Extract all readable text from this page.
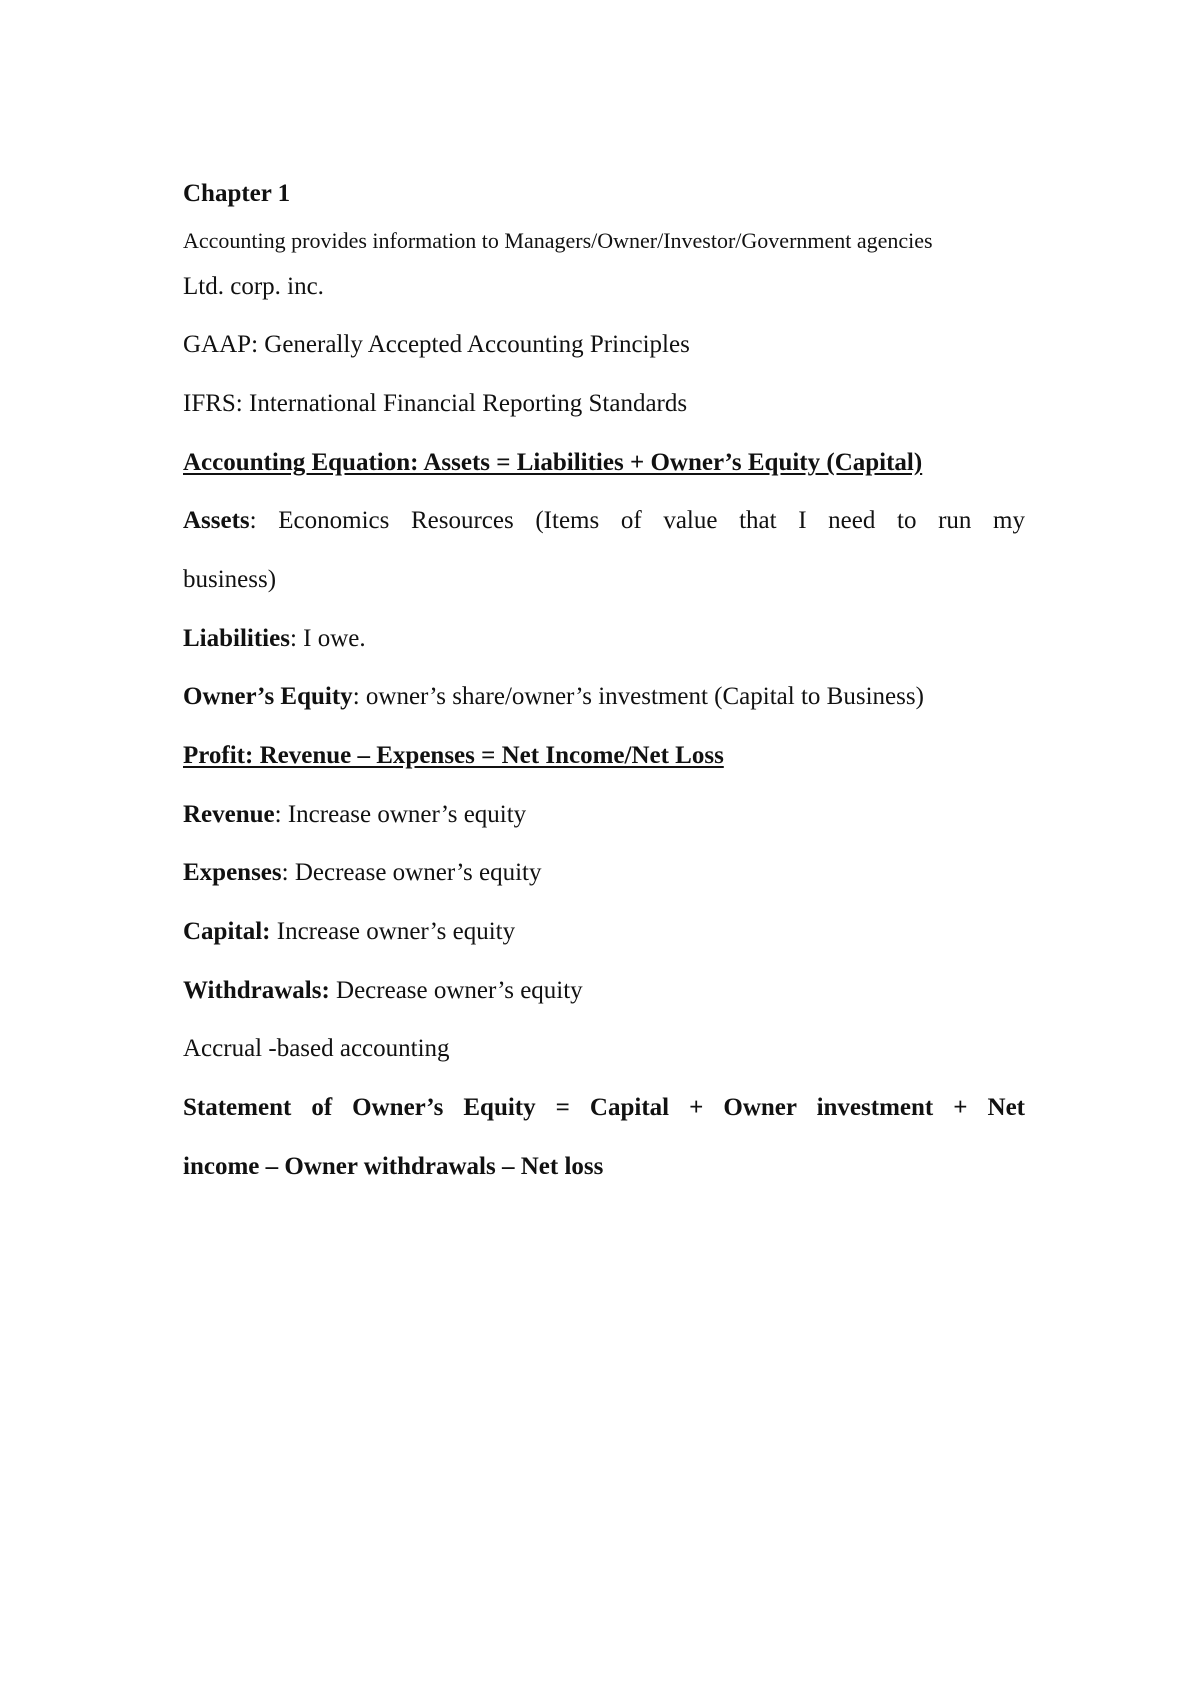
Chapter 1
Accounting provides information to Managers/Owner/Investor/Government agencies
Ltd. corp. inc.
GAAP: Generally Accepted Accounting Principles
IFRS: International Financial Reporting Standards
Accounting Equation: Assets = Liabilities + Owner’s Equity (Capital)
Assets: Economics Resources (Items of value that I need to run my
business)
Liabilities: I owe.
Owner’s Equity: owner’s share/owner’s investment (Capital to Business)
Profit: Revenue – Expenses = Net Income/Net Loss
Revenue: Increase owner’s equity
Expenses: Decrease owner’s equity
Capital: Increase owner’s equity
Withdrawals: Decrease owner’s equity
Accrual -based accounting
Statement of Owner’s Equity = Capital + Owner investment + Net
income – Owner withdrawals – Net loss
